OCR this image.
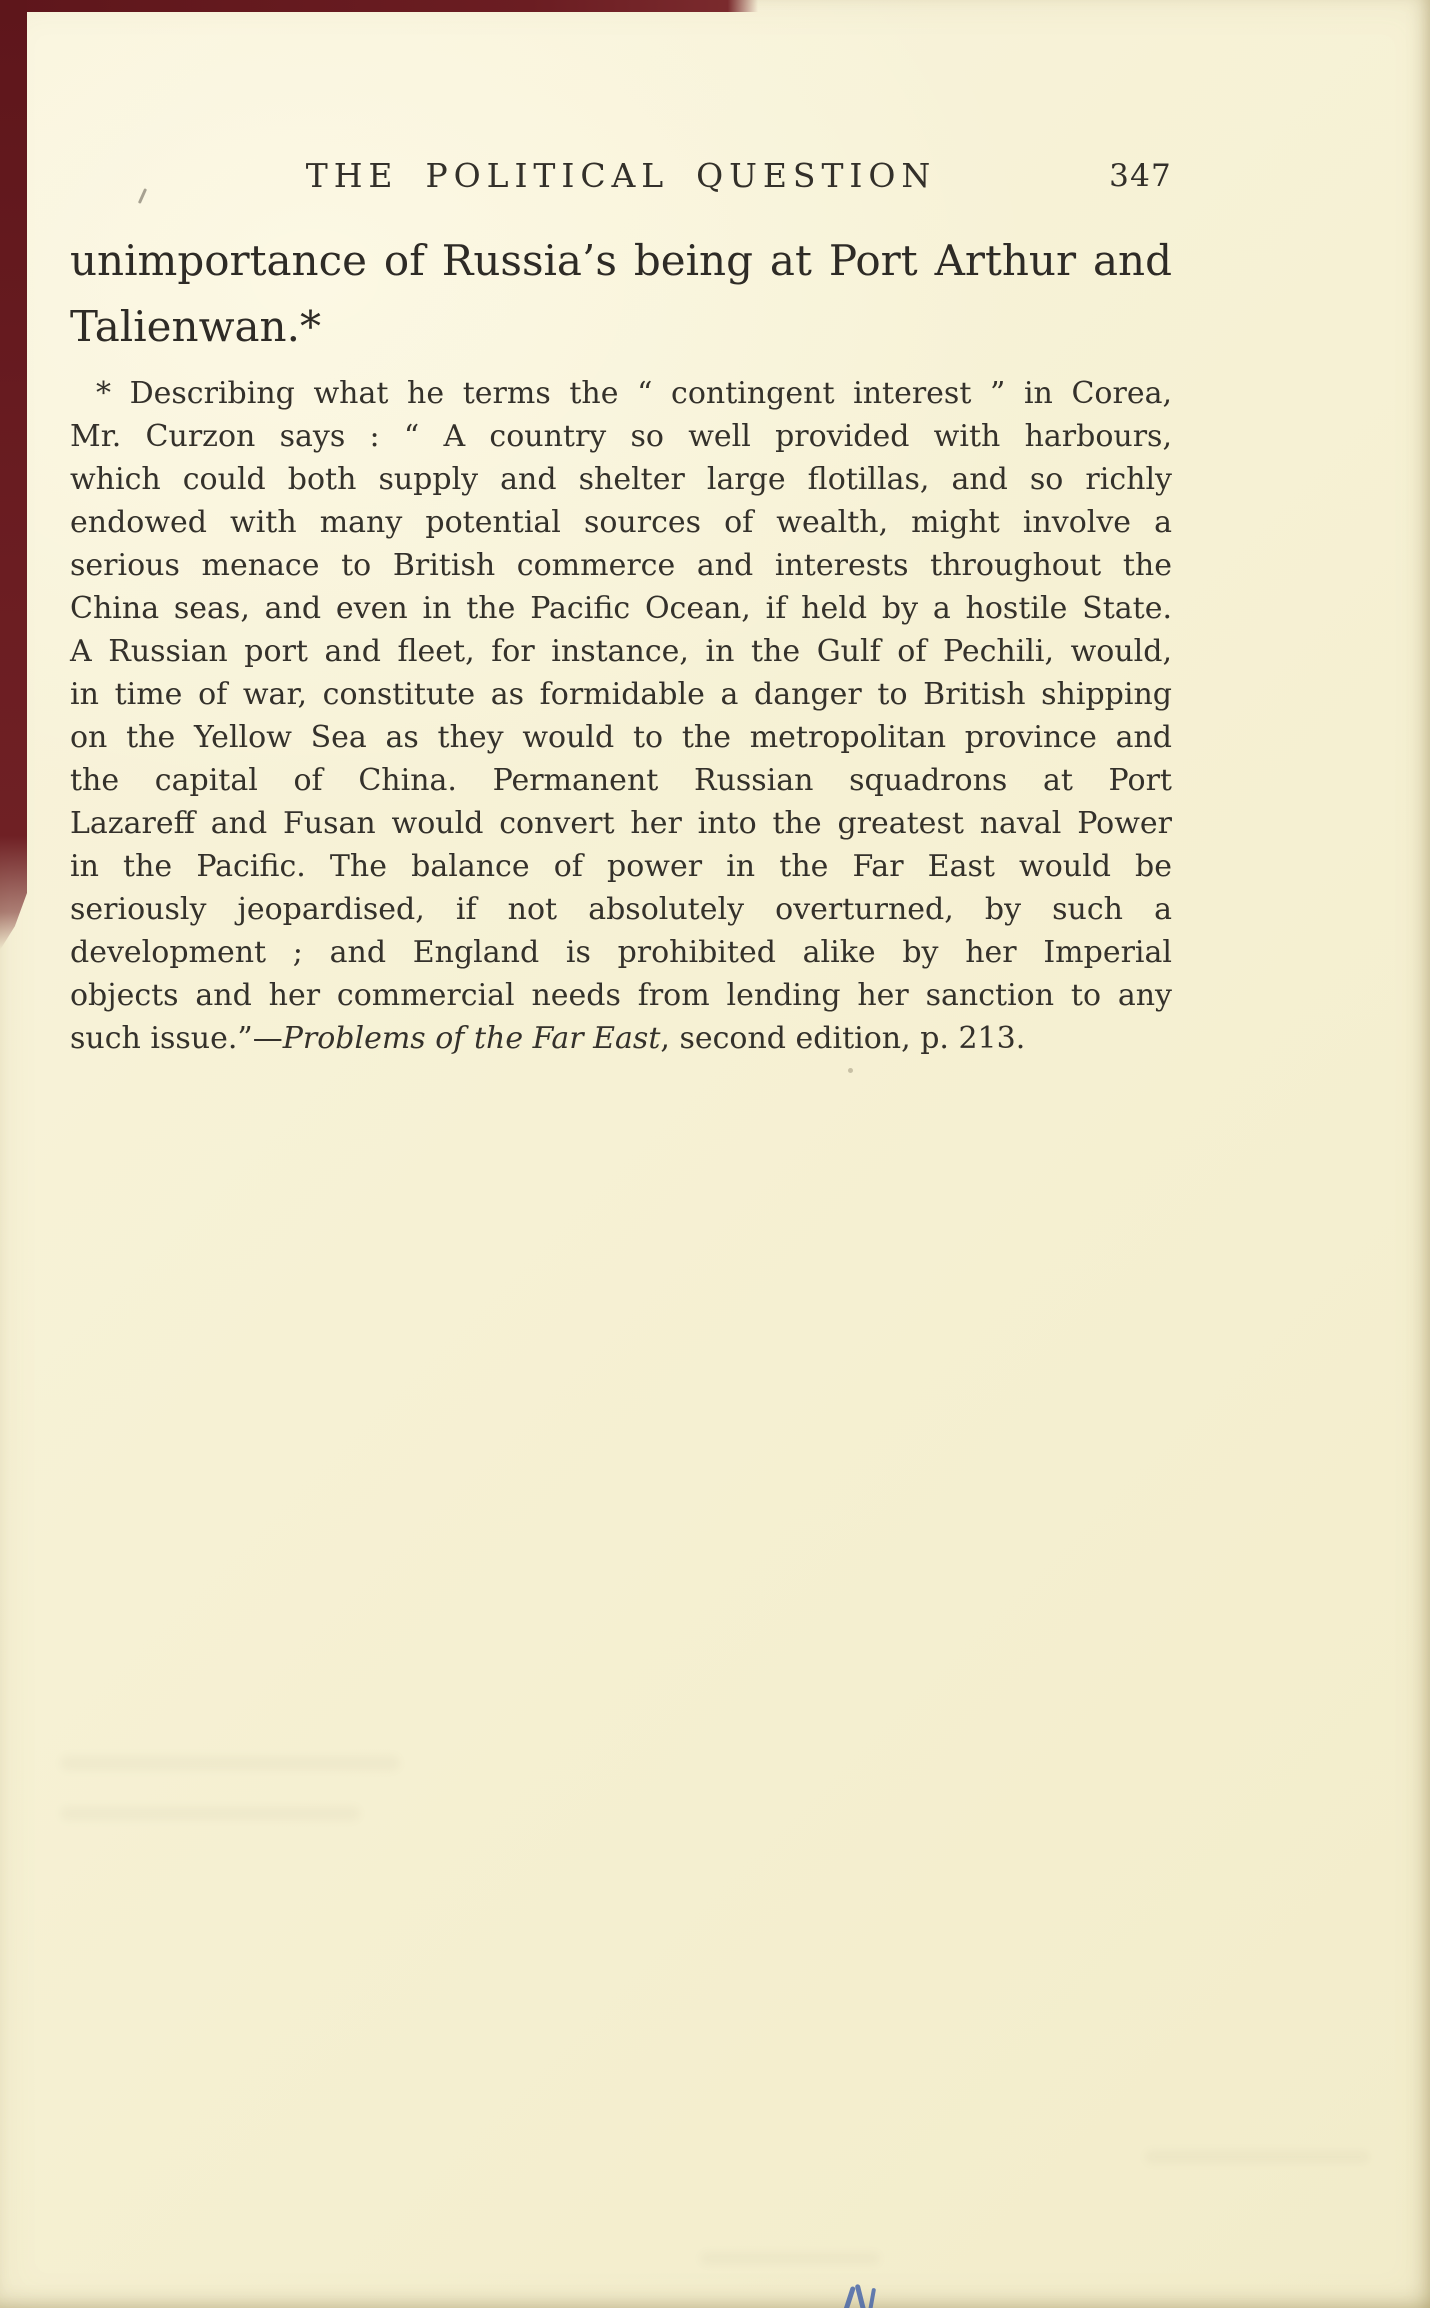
THE POLITICAL QUESTION	347
unimportance of Russia’s being at Port Arthur and
Talienwan.*
* Describing what he terms the “ contingent interest ” in Corea,
Mr. Curzon says : “ A country so well provided with harbours,
which could both supply and shelter large flotillas, and so richly
endowed with many potential sources of wealth, might involve a
serious menace to British commerce and interests throughout the
China seas, and even in the Pacific Ocean, if held by a hostile State.
A Russian port and fleet, for instance, in the Gulf of Pechili, would,
in time of war, constitute as formidable a danger to British shipping
on the Yellow Sea as they would to the metropolitan province and
the capital of China. Permanent Russian squadrons at Port
Lazareff and Fusan would convert her into the greatest naval Power
in the Pacific. The balance of power in the Far East would be
seriously jeopardised, if not absolutely overturned, by such a
development ; and England is prohibited alike by her Imperial
objects and her commercial needs from lending her sanction to any
such issue.”—Problems of the Far East, second edition, p. 213.
